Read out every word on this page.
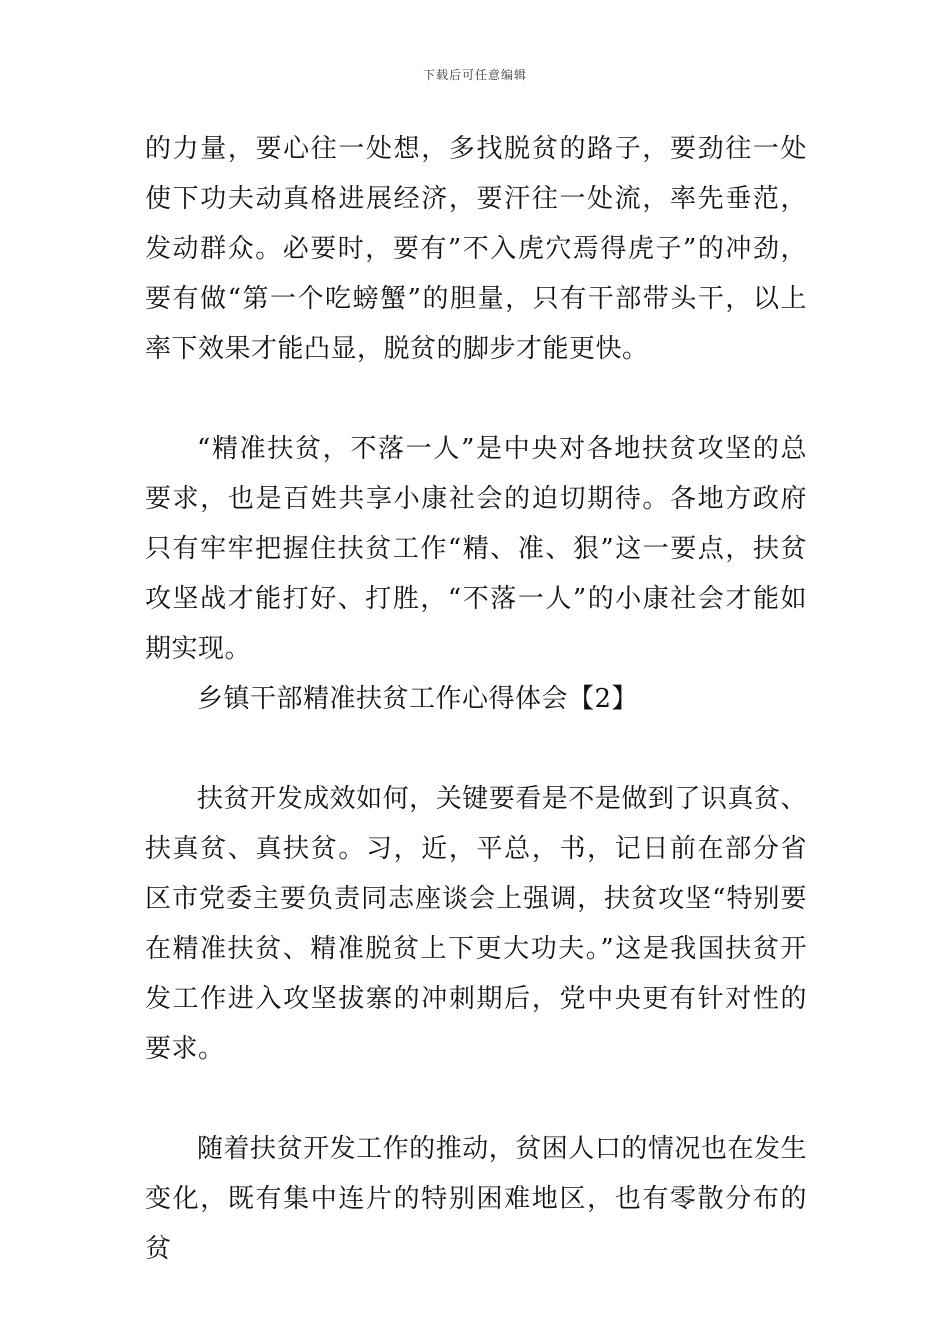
下载后可任意编辑

的力量，要心往一处想，多找脱贫的路子，要劲往一处使下功夫动真格进展经济，要汗往一处流，率先垂范，发动群众。必要时，要有”不入虎穴焉得虎子”的冲劲，要有做“第一个吃螃蟹”的胆量，只有干部带头干，以上率下效果才能凸显，脱贫的脚步才能更快。

“精准扶贫，不落一人”是中央对各地扶贫攻坚的总要求，也是百姓共享小康社会的迫切期待。各地方政府只有牢牢把握住扶贫工作“精、准、狠”这一要点，扶贫攻坚战才能打好、打胜，“不落一人”的小康社会才能如期实现。

乡镇干部精准扶贫工作心得体会【2】

扶贫开发成效如何，关键要看是不是做到了识真贫、扶真贫、真扶贫。习，近，平总，书，记日前在部分省区市党委主要负责同志座谈会上强调，扶贫攻坚“特别要在精准扶贫、精准脱贫上下更大功夫。”这是我国扶贫开发工作进入攻坚拔寨的冲刺期后，党中央更有针对性的要求。

随着扶贫开发工作的推动，贫困人口的情况也在发生变化，既有集中连片的特别困难地区，也有零散分布的贫
